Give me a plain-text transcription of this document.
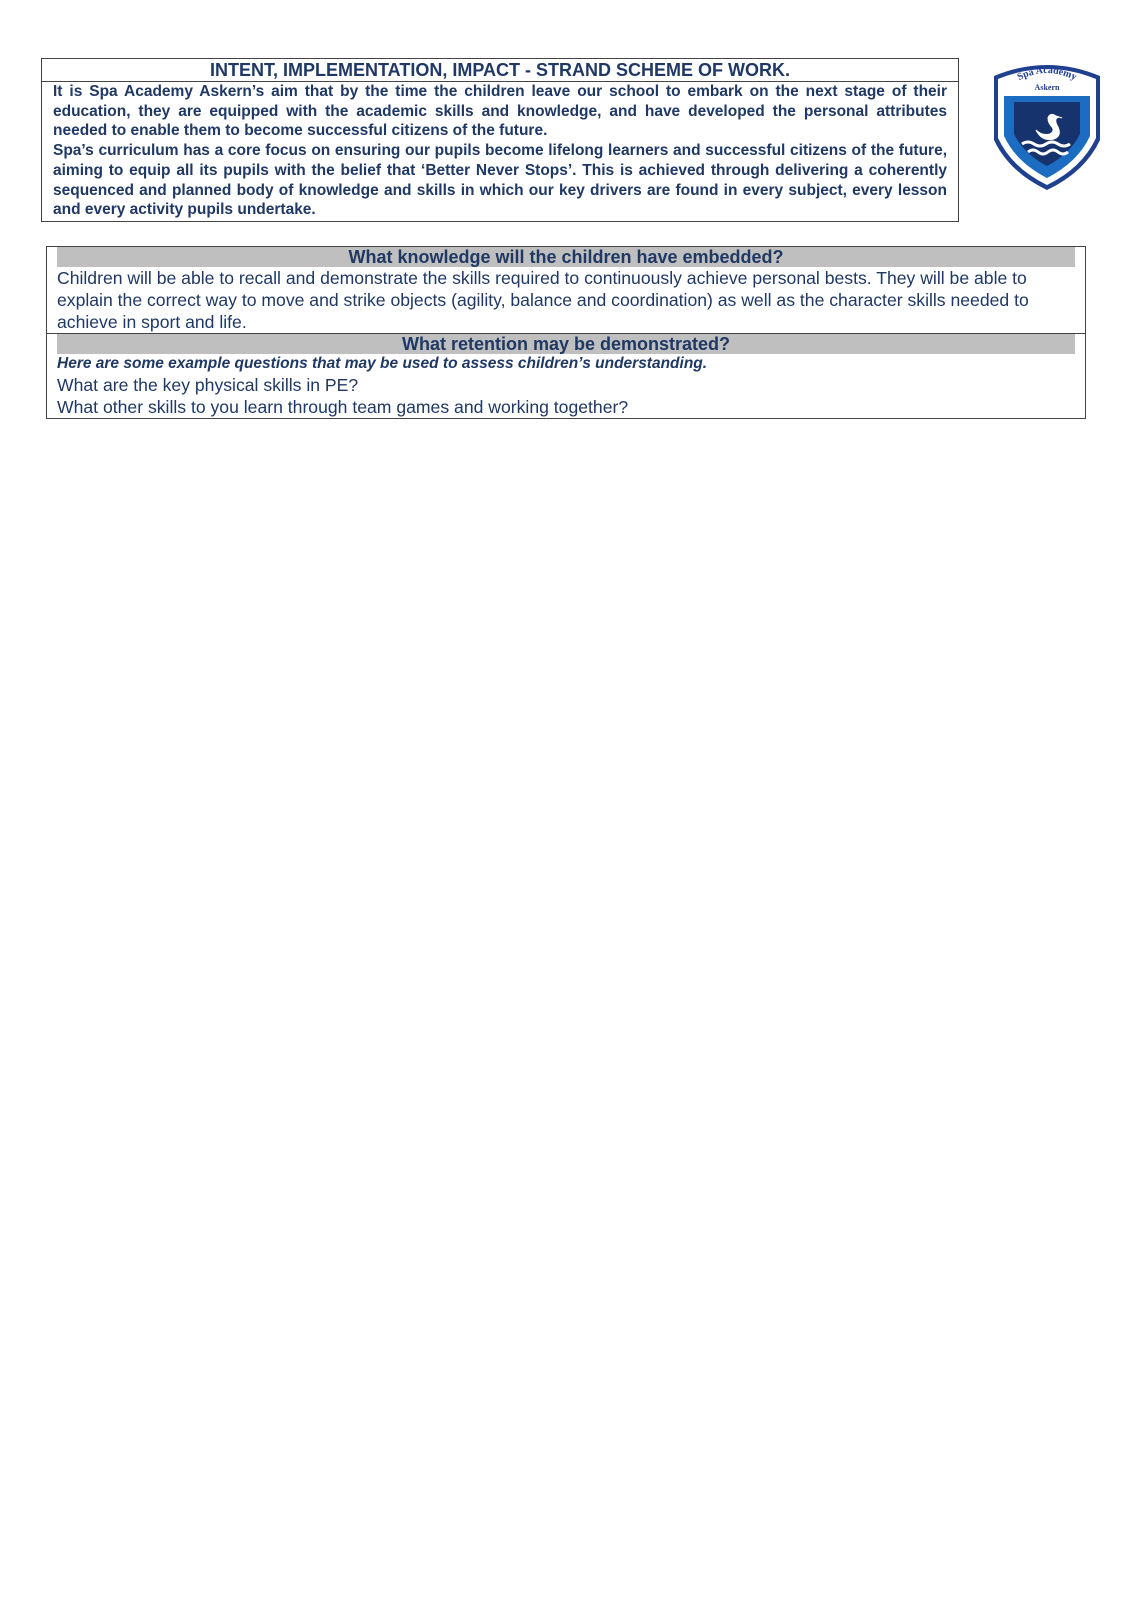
INTENT, IMPLEMENTATION, IMPACT - STRAND SCHEME OF WORK.

It is Spa Academy Askern’s aim that by the time the children leave our school to embark on the next stage of their education, they are equipped with the academic skills and knowledge, and have developed the personal attributes needed to enable them to become successful citizens of the future.

Spa’s curriculum has a core focus on ensuring our pupils become lifelong learners and successful citizens of the future, aiming to equip all its pupils with the belief that ‘Better Never Stops’. This is achieved through delivering a coherently sequenced and planned body of knowledge and skills in which our key drivers are found in every subject, every lesson and every activity pupils undertake.

Spa Academy
Askern
What knowledge will the children have embedded?
Children will be able to recall and demonstrate the skills required to continuously achieve personal bests. They will be able to explain the correct way to move and strike objects (agility, balance and coordination) as well as the character skills needed to achieve in sport and life.
What retention may be demonstrated?
Here are some example questions that may be used to assess children’s understanding.
What are the key physical skills in PE?
What other skills to you learn through team games and working together?
